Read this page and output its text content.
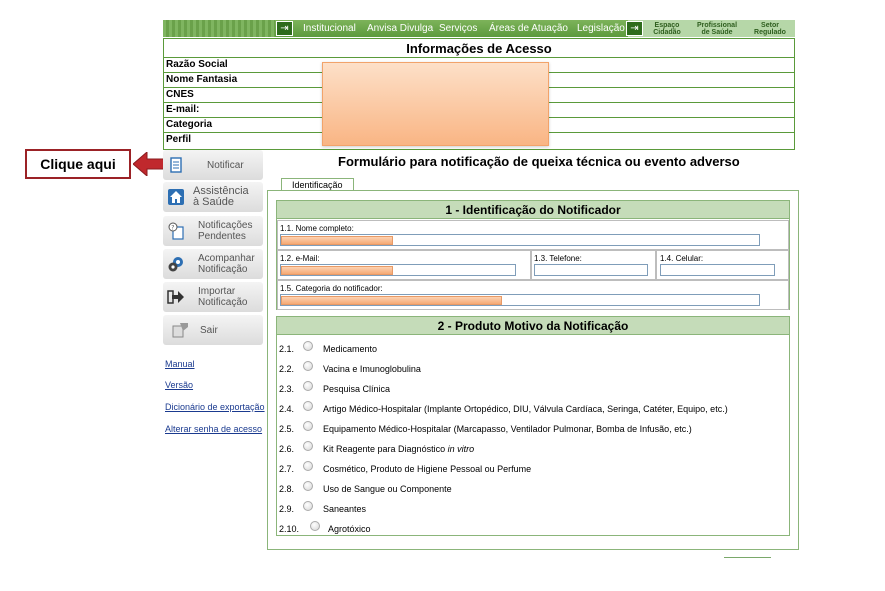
⇥	Institucional Anvisa Divulga Serviços Áreas de Atuação Legislação ⇥	Espaço
Cidadão
Profissional
de Saúde
Setor
Regulado
Informações de Acesso
Razão Social
Nome Fantasia
CNES
E-mail:
Categoria
Perfil
Clique aqui	Notificar
Assistência
à Saúde
? Notificações
Pendentes
Acompanhar
Notificação
Importar
Notificação
Sair
Manual
Versão
Dicionário de exportação
Alterar senha de acesso
Formulário para notificação de queixa técnica ou evento adverso
Identificação
1 - Identificação do Notificador
1.1. Nome completo:
1.2. e-Mail:	1.3. Telefone:	1.4. Celular:
1.5. Categoria do notificador:
2 - Produto Motivo da Notificação
2.1.	Medicamento
2.2.	Vacina e Imunoglobulina
2.3.	Pesquisa Clínica
2.4.	Artigo Médico-Hospitalar (Implante Ortopédico, DIU, Válvula Cardíaca, Seringa, Catéter, Equipo, etc.)
2.5.	Equipamento Médico-Hospitalar (Marcapasso, Ventilador Pulmonar, Bomba de Infusão, etc.)
2.6.	Kit Reagente para Diagnóstico in vitro
2.7.	Cosmético, Produto de Higiene Pessoal ou Perfume
2.8.	Uso de Sangue ou Componente
2.9.	Saneantes
2.10.	Agrotóxico
